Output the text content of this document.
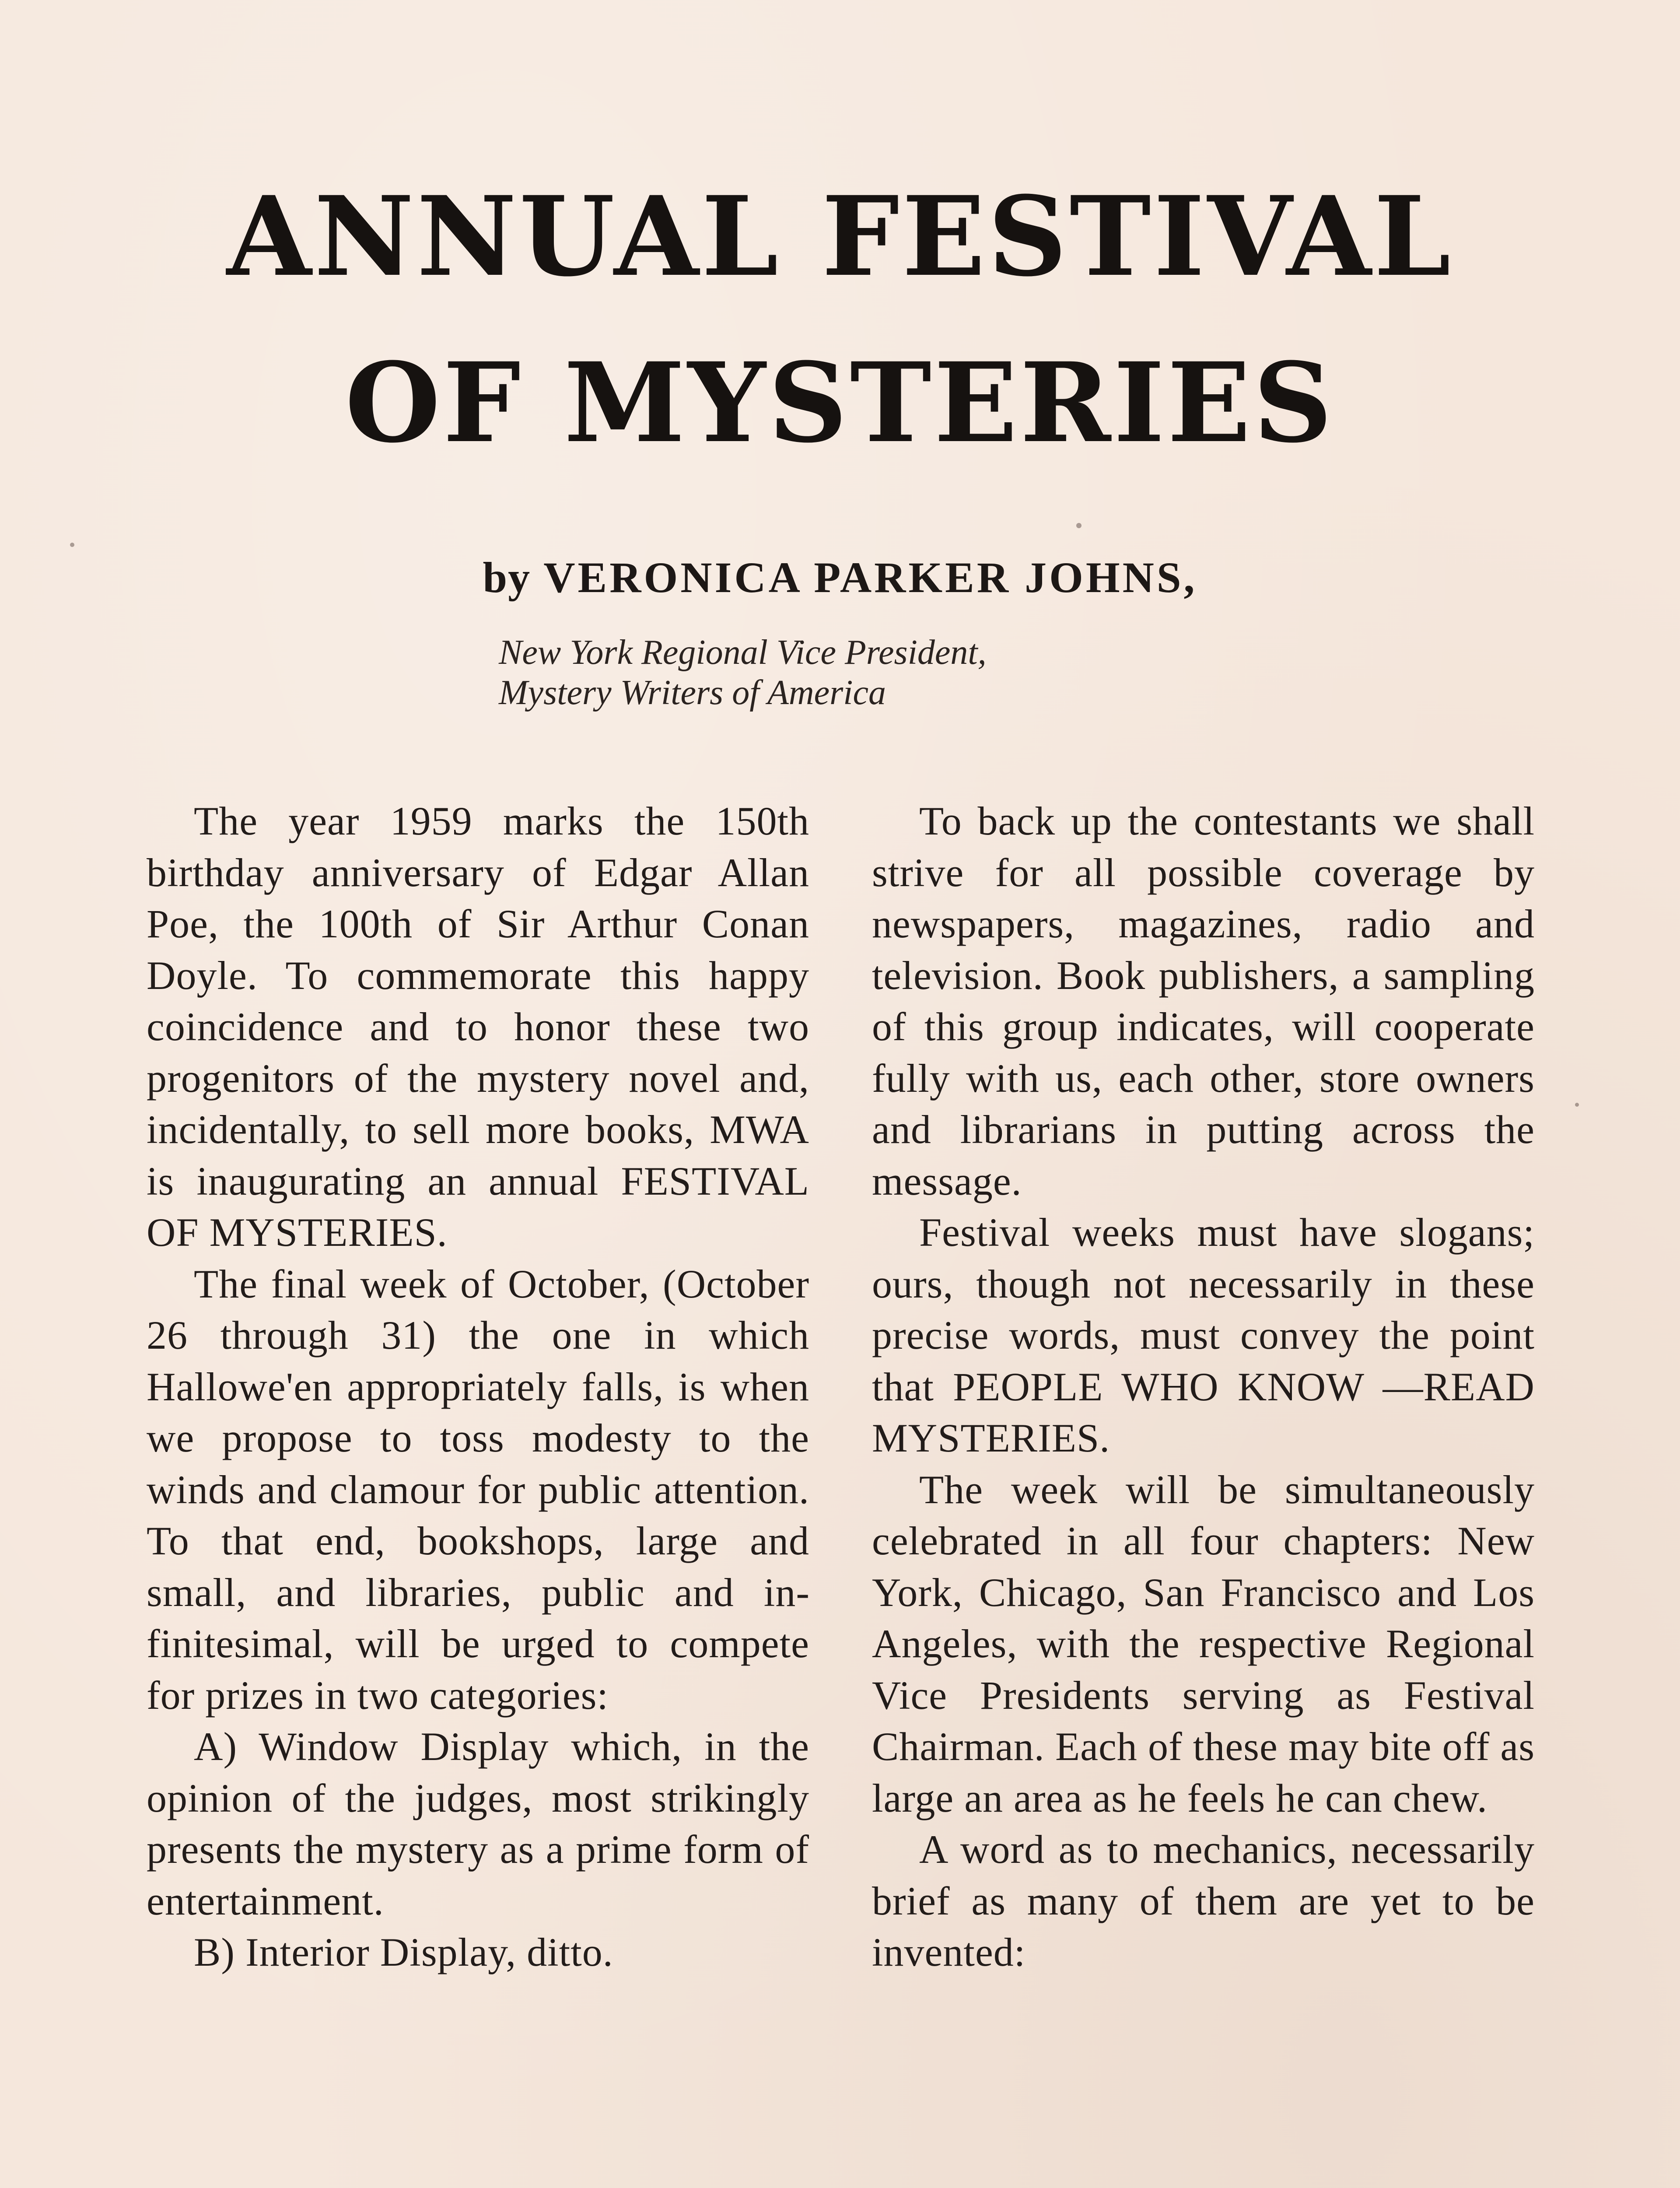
ANNUAL FESTIVAL
OF MYSTERIES
by VERONICA PARKER JOHNS,
New York Regional Vice President,
Mystery Writers of America

The year 1959 marks the 150th birthday anniversary of Edgar Allan Poe, the 100th of Sir Arthur Conan Doyle. To commemorate this happy coincidence and to honor these two progenitors of the mystery novel and, incidentally, to sell more books, MWA is inaugurating an annual FESTIVAL OF MYSTERIES.

The final week of October, (October 26 through 31) the one in which Hallowe'en appropriately falls, is when we propose to toss modesty to the winds and clamour for public attention. To that end, bookshops, large and small, and libraries, public and infinitesimal, will be urged to compete for prizes in two categories:

A) Window Display which, in the opinion of the judges, most strikingly presents the mystery as a prime form of entertainment.

B) Interior Display, ditto.

To back up the contestants we shall strive for all possible coverage by newspapers, magazines, radio and television. Book publishers, a sampling of this group indicates, will cooperate fully with us, each other, store owners and librarians in putting across the message.

Festival weeks must have slogans; ours, though not necessarily in these precise words, must convey the point that PEOPLE WHO KNOW —READ MYSTERIES.

The week will be simultaneously celebrated in all four chapters: New York, Chicago, San Francisco and Los Angeles, with the respective Regional Vice Presidents serving as Festival Chairman. Each of these may bite off as large an area as he feels he can chew.

A word as to mechanics, necessarily brief as many of them are yet to be invented:
